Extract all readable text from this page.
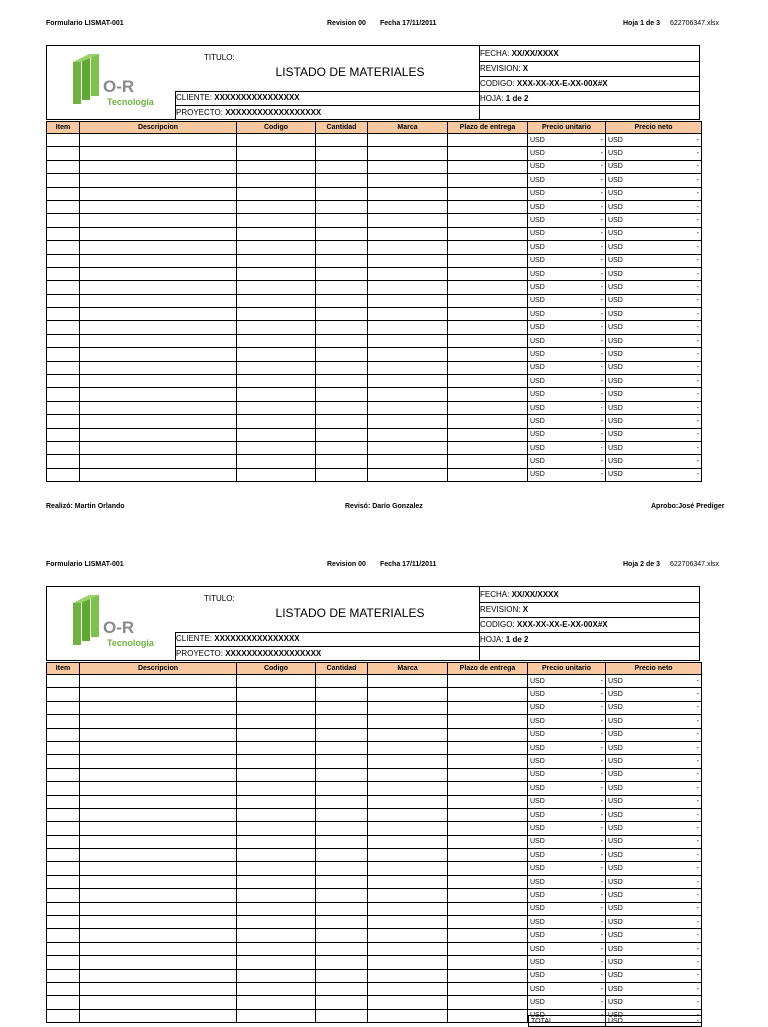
Formulario LISMAT-001	Revision 00 Fecha 17/11/2011	Hoja 1 de 3 622706347.xlsx
O-R
Tecnologia
TITULO:
LISTADO DE MATERIALES
CLIENTE: XXXXXXXXXXXXXXXX
PROYECTO: XXXXXXXXXXXXXXXXXX
FECHA: XX/XX/XXXX
REVISION: X
CODIGO: XXX-XX-XX-E-XX-00X#X
HOJA: 1 de 2
Item	Descripcion	Codigo	Cantidad	Marca	Plazo de entrega	Precio unitario	Precio neto

						USD -	USD -

						USD -	USD -

						USD -	USD -

						USD -	USD -

						USD -	USD -

						USD -	USD -

						USD -	USD -

						USD -	USD -

						USD -	USD -

						USD -	USD -

						USD -	USD -

						USD -	USD -

						USD -	USD -

						USD -	USD -

						USD -	USD -

						USD -	USD -

						USD -	USD -

						USD -	USD -

						USD -	USD -

						USD -	USD -

						USD -	USD -

						USD -	USD -

						USD -	USD -

						USD -	USD -

						USD -	USD -

						USD -	USD -
Realizó: Martin Orlando	Revisó: Darío Gonzalez	Aprobo:José Prediger
Formulario LISMAT-001	Revision 00 Fecha 17/11/2011	Hoja 2 de 3 622706347.xlsx
O-R
Tecnologia
TITULO:
LISTADO DE MATERIALES
CLIENTE: XXXXXXXXXXXXXXXX
PROYECTO: XXXXXXXXXXXXXXXXXX
FECHA: XX/XX/XXXX
REVISION: X
CODIGO: XXX-XX-XX-E-XX-00X#X
HOJA: 1 de 2
Item	Descripcion	Codigo	Cantidad	Marca	Plazo de entrega	Precio unitario	Precio neto

						USD -	USD -

						USD -	USD -

						USD -	USD -

						USD -	USD -

						USD -	USD -

						USD -	USD -

						USD -	USD -

						USD -	USD -

						USD -	USD -

						USD -	USD -

						USD -	USD -

						USD -	USD -

						USD -	USD -

						USD -	USD -

						USD -	USD -

						USD -	USD -

						USD -	USD -

						USD -	USD -

						USD -	USD -

						USD -	USD -

						USD -	USD -

						USD -	USD -

						USD -	USD -

						USD -	USD -

						USD -	USD -

						USD -	USD -
TOTAL	USD	-
